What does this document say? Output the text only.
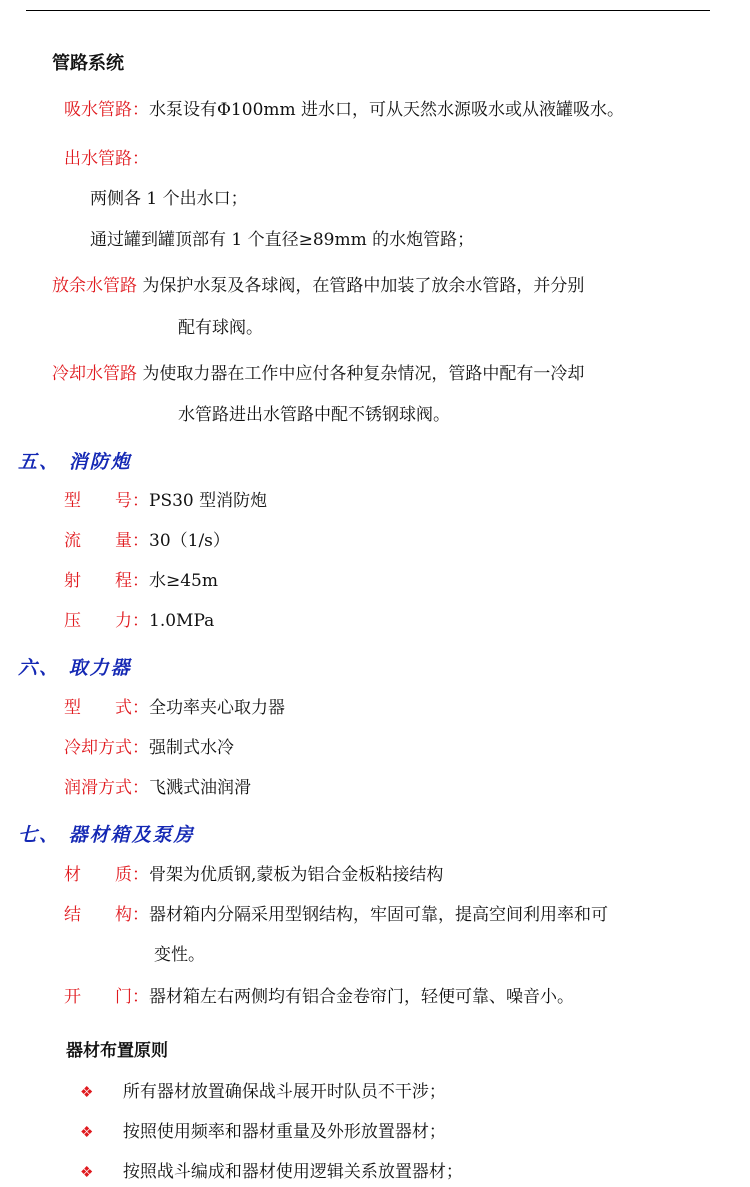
管路系统
吸水管路：水泵设有Φ100mm 进水口，可从天然水源吸水或从液罐吸水。
出水管路：
两侧各 1 个出水口；
通过罐到罐顶部有 1 个直径≥89mm 的水炮管路；
放余水管路 为保护水泵及各球阀，在管路中加装了放余水管路，并分别
配有球阀。
冷却水管路 为使取力器在工作中应付各种复杂情况，管路中配有一冷却
水管路进出水管路中配不锈钢球阀。
五、 消防炮
型　　号：PS30 型消防炮
流　　量：30（1/s）
射　　程：水≥45m
压　　力：1.0MPa
六、 取力器
型　　式：全功率夹心取力器
冷却方式：强制式水冷
润滑方式：飞溅式油润滑
七、 器材箱及泵房
材　　质：骨架为优质钢,蒙板为铝合金板粘接结构
结　　构：器材箱内分隔采用型钢结构，牢固可靠，提高空间利用率和可
变性。
开　　门：器材箱左右两侧均有铝合金卷帘门，轻便可靠、噪音小。
器材布置原则
❖ 所有器材放置确保战斗展开时队员不干涉；
❖ 按照使用频率和器材重量及外形放置器材；
❖ 按照战斗编成和器材使用逻辑关系放置器材；
